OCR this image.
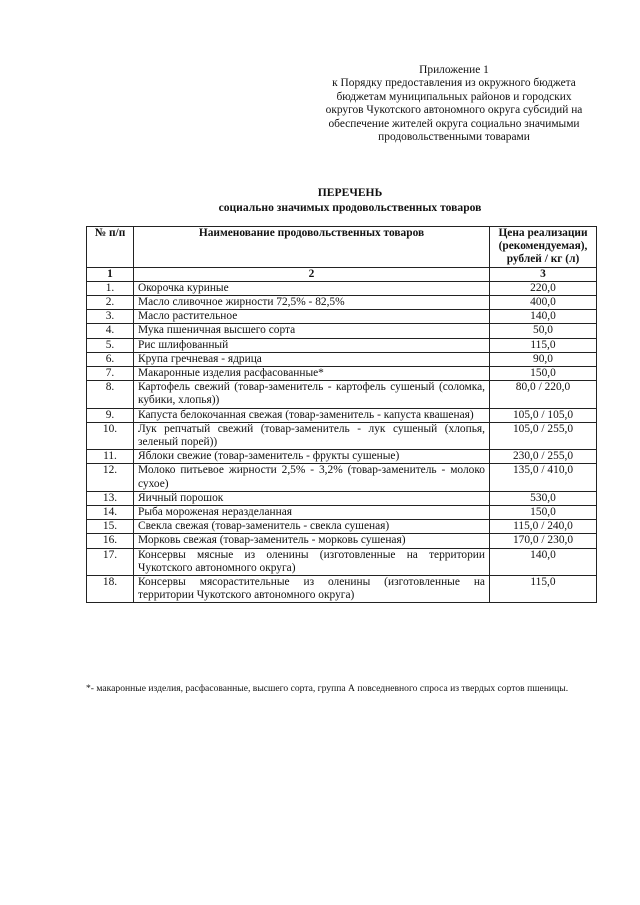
Приложение 1
к Порядку предоставления из окружного бюджета
бюджетам муниципальных районов и городских
округов Чукотского автономного округа субсидий на
обеспечение жителей округа социально значимыми
продовольственными товарами
ПЕРЕЧЕНЬ
социально значимых продовольственных товаров
№ п/п	Наименование продовольственных товаров	Цена реализации (рекомендуемая), рублей / кг (л)
1	2	3
1.	Окорочка куриные	220,0
2.	Масло сливочное жирности 72,5% - 82,5%	400,0
3.	Масло растительное	140,0
4.	Мука пшеничная высшего сорта	50,0
5.	Рис шлифованный	115,0
6.	Крупа гречневая - ядрица	90,0
7.	Макаронные изделия расфасованные*	150,0
8.	Картофель свежий (товар-заменитель - картофель сушеный (соломка, кубики, хлопья))	80,0 / 220,0
9.	Капуста белокочанная свежая (товар-заменитель - капуста квашеная)	105,0 / 105,0
10.	Лук репчатый свежий (товар-заменитель - лук сушеный (хлопья, зеленый порей))	105,0 / 255,0
11.	Яблоки свежие (товар-заменитель - фрукты сушеные)	230,0 / 255,0
12.	Молоко питьевое жирности 2,5% - 3,2% (товар-заменитель - молоко сухое)	135,0 / 410,0
13.	Яичный порошок	530,0
14.	Рыба мороженая неразделанная	150,0
15.	Свекла свежая (товар-заменитель - свекла сушеная)	115,0 / 240,0
16.	Морковь свежая (товар-заменитель - морковь сушеная)	170,0 / 230,0
17.	Консервы мясные из оленины (изготовленные на территории Чукотского автономного округа)	140,0
18.	Консервы мясорастительные из оленины (изготовленные на территории Чукотского автономного округа)	115,0
*- макаронные изделия, расфасованные, высшего сорта, группа А повседневного спроса из твердых сортов пшеницы.
